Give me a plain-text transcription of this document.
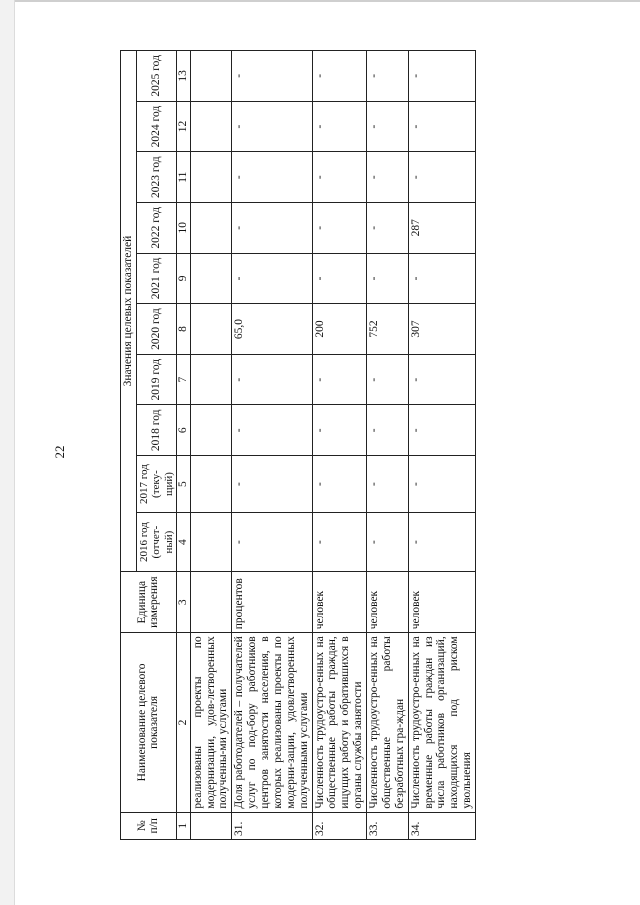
22
№ п/п	Наименование целевого показателя	Единица измерения	Значения целевых показателей									
			2016 год (отчет-ный)	2017 год (теку-щий)	2018 год	2019 год	2020 год	2021 год	2022 год	2023 год	2024 год	2025 год
1	2	3	4	5	6	7	8	9	10	11	12	13
	реализованы проекты по модернизации, удов-летворенных полученны-ми услугами											
31.	Доля работодателей – получателей услуг по под-бору работников центров занятости населения, в которых реализованы проекты по модерни-зации, удовлетворенных полученными услугами	процентов	-	-	-	-	65,0	-	-	-	-	-
32.	Численность трудоустро-енных на общественные работы граждан, ищущих работу и обратившихся в органы службы занятости	человек	-	-	-	-	200	-	-	-	-	-
33.	Численность трудоустро-енных на общественные работы безработных гра-ждан	человек	-	-	-	-	752	-	-	-	-	-
34.	Численность трудоустро-енных на временные работы граждан из числа работников организаций, находящихся под риском увольнения	человек	-	-	-	-	307	-	287	-	-	-
